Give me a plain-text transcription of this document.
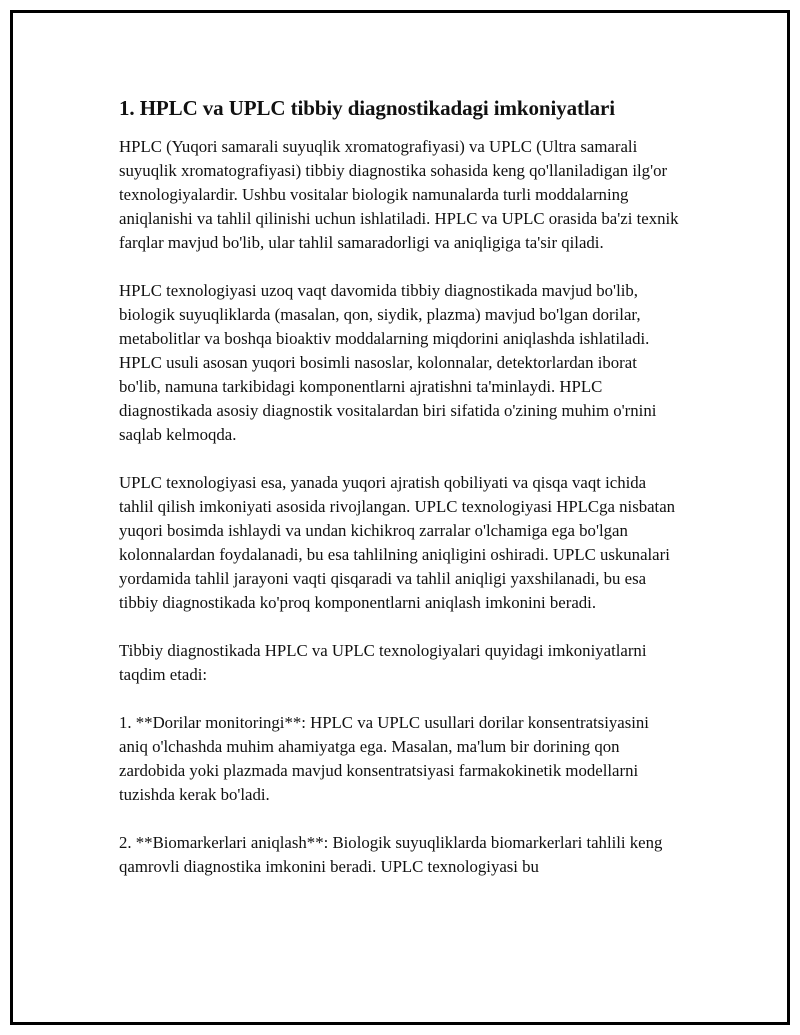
1. HPLC va UPLC tibbiy diagnostikadagi imkoniyatlari

HPLC (Yuqori samarali suyuqlik xromatografiyasi) va UPLC (Ultra samarali suyuqlik xromatografiyasi) tibbiy diagnostika sohasida keng qo'llaniladigan ilg'or texnologiyalardir. Ushbu vositalar biologik namunalarda turli moddalarning aniqlanishi va tahlil qilinishi uchun ishlatiladi. HPLC va UPLC orasida ba'zi texnik farqlar mavjud bo'lib, ular tahlil samaradorligi va aniqligiga ta'sir qiladi.

HPLC texnologiyasi uzoq vaqt davomida tibbiy diagnostikada mavjud bo'lib, biologik suyuqliklarda (masalan, qon, siydik, plazma) mavjud bo'lgan dorilar, metabolitlar va boshqa bioaktiv moddalarning miqdorini aniqlashda ishlatiladi. HPLC usuli asosan yuqori bosimli nasoslar, kolonnalar, detektorlardan iborat bo'lib, namuna tarkibidagi komponentlarni ajratishni ta'minlaydi. HPLC diagnostikada asosiy diagnostik vositalardan biri sifatida o'zining muhim o'rnini saqlab kelmoqda.

UPLC texnologiyasi esa, yanada yuqori ajratish qobiliyati va qisqa vaqt ichida tahlil qilish imkoniyati asosida rivojlangan. UPLC texnologiyasi HPLCga nisbatan yuqori bosimda ishlaydi va undan kichikroq zarralar o'lchamiga ega bo'lgan kolonnalardan foydalanadi, bu esa tahlilning aniqligini oshiradi. UPLC uskunalari yordamida tahlil jarayoni vaqti qisqaradi va tahlil aniqligi yaxshilanadi, bu esa tibbiy diagnostikada ko'proq komponentlarni aniqlash imkonini beradi.

Tibbiy diagnostikada HPLC va UPLC texnologiyalari quyidagi imkoniyatlarni taqdim etadi:

1. **Dorilar monitoringi**: HPLC va UPLC usullari dorilar konsentratsiyasini aniq o'lchashda muhim ahamiyatga ega. Masalan, ma'lum bir dorining qon zardobida yoki plazmada mavjud konsentratsiyasi farmakokinetik modellarni tuzishda kerak bo'ladi.

2. **Biomarkerlari aniqlash**: Biologik suyuqliklarda biomarkerlari tahlili keng qamrovli diagnostika imkonini beradi. UPLC texnologiyasi bu
